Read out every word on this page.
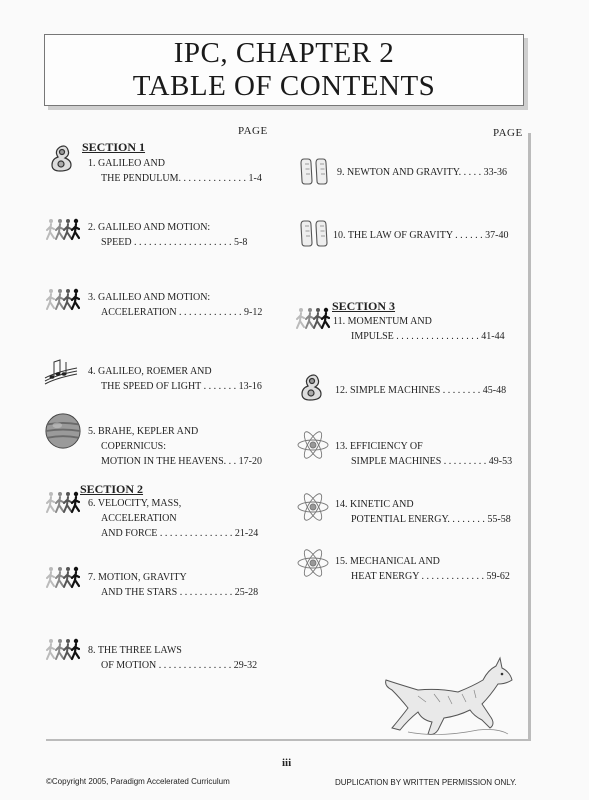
IPC, CHAPTER 2
TABLE OF CONTENTS
PAGE	PAGE
SECTION 1
SECTION 2
SECTION 3
1. GALILEO AND
THE PENDULUM. . . . . . . . . . . . . . 1-4
2. GALILEO AND MOTION:
SPEED . . . . . . . . . . . . . . . . . . . . 5-8
3. GALILEO AND MOTION:
ACCELERATION . . . . . . . . . . . . . 9-12
4. GALILEO, ROEMER AND
THE SPEED OF LIGHT . . . . . . . 13-16
5. BRAHE, KEPLER AND
COPERNICUS:
MOTION IN THE HEAVENS. . . 17-20
6. VELOCITY, MASS,
ACCELERATION
AND FORCE . . . . . . . . . . . . . . . 21-24
7. MOTION, GRAVITY
AND THE STARS . . . . . . . . . . . 25-28
8. THE THREE LAWS
OF MOTION . . . . . . . . . . . . . . . 29-32
9. NEWTON AND GRAVITY. . . . . 33-36
10. THE LAW OF GRAVITY . . . . . . 37-40
11. MOMENTUM AND
IMPULSE . . . . . . . . . . . . . . . . . 41-44
12. SIMPLE MACHINES . . . . . . . . 45-48
13. EFFICIENCY OF
SIMPLE MACHINES . . . . . . . . . 49-53
14. KINETIC AND
POTENTIAL ENERGY. . . . . . . . 55-58
15. MECHANICAL AND
HEAT ENERGY . . . . . . . . . . . . . 59-62
iii
©Copyright 2005, Paradigm Accelerated Curriculum	DUPLICATION BY WRITTEN PERMISSION ONLY.
